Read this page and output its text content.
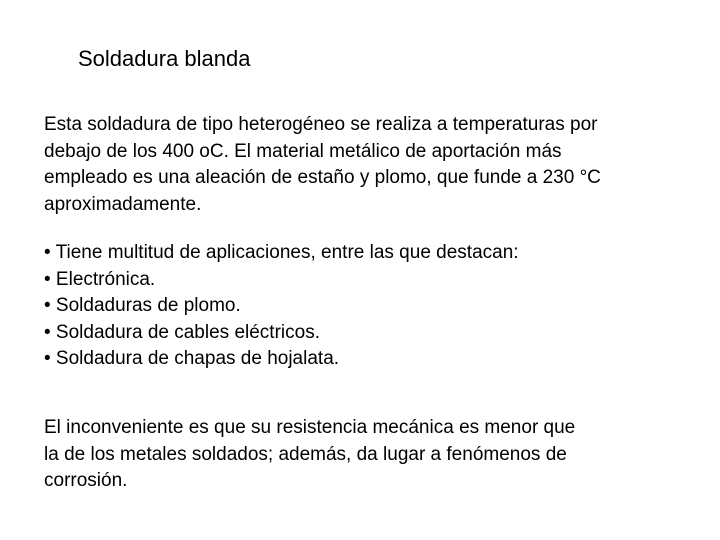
Soldadura blanda
Esta soldadura de tipo heterogéneo se realiza a temperaturas por
debajo de los 400 oC. El material metálico de aportación más
empleado es una aleación de estaño y plomo, que funde a 230 °C
aproximadamente.
• Tiene multitud de aplicaciones, entre las que destacan:
• Electrónica.
• Soldaduras de plomo.
• Soldadura de cables eléctricos.
• Soldadura de chapas de hojalata.
El inconveniente es que su resistencia mecánica es menor que
la de los metales soldados; además, da lugar a fenómenos de
corrosión.
